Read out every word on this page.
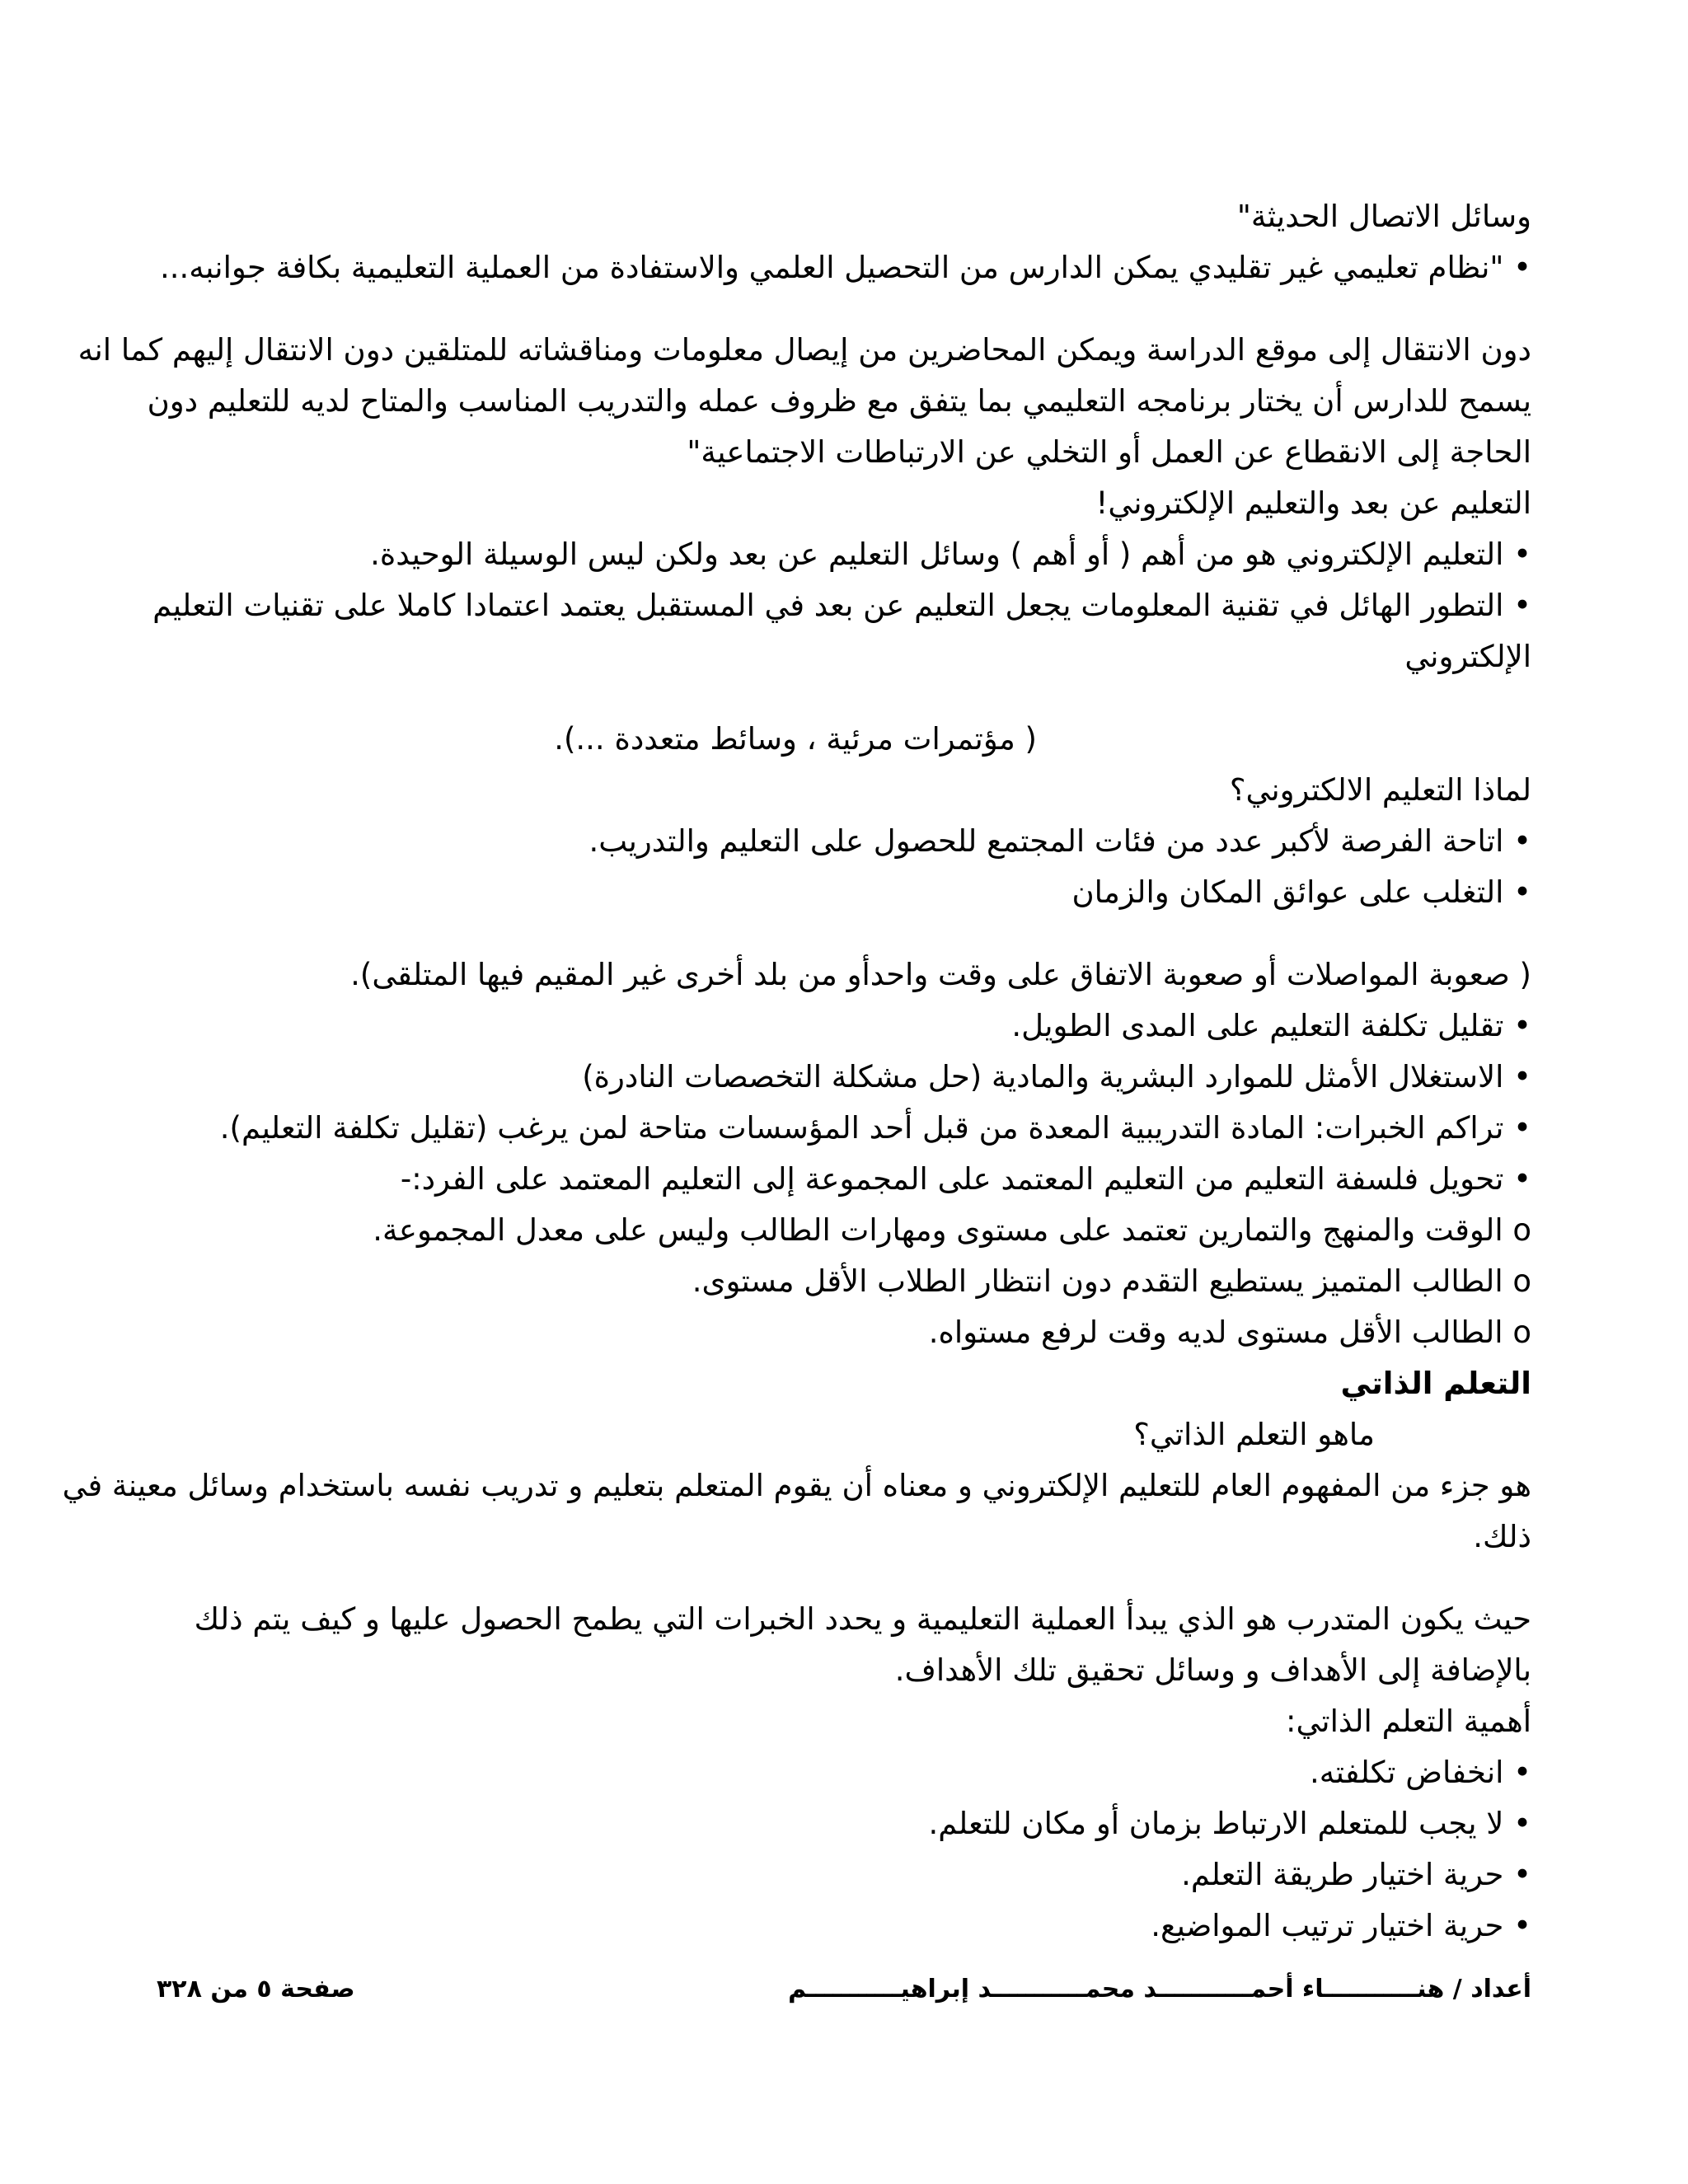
وسائل الاتصال الحديثة"
• "نظام تعليمي غير تقليدي يمكن الدارس من التحصيل العلمي والاستفادة من العملية التعليمية بكافة جوانبه...
دون الانتقال إلى موقع الدراسة ويمكن المحاضرين من إيصال معلومات ومناقشاته للمتلقين دون الانتقال إليهم كما انه
يسمح للدارس أن يختار برنامجه التعليمي بما يتفق مع ظروف عمله والتدريب المناسب والمتاح لديه للتعليم دون
الحاجة إلى الانقطاع عن العمل أو التخلي عن الارتباطات الاجتماعية"
التعليم عن بعد والتعليم الإلكتروني!
• التعليم الإلكتروني هو من أهم ( أو أهم ) وسائل التعليم عن بعد ولكن ليس الوسيلة الوحيدة.
• التطور الهائل في تقنية المعلومات يجعل التعليم عن بعد في المستقبل يعتمد اعتمادا كاملا على تقنيات التعليم
الإلكتروني
( مؤتمرات مرئية ، وسائط متعددة ...).
لماذا التعليم الالكتروني؟
• اتاحة الفرصة لأكبر عدد من فئات المجتمع للحصول على التعليم والتدريب.
• التغلب على عوائق المكان والزمان
( صعوبة المواصلات أو صعوبة الاتفاق على وقت واحدأو من بلد أخرى غير المقيم فيها المتلقى).
• تقليل تكلفة التعليم على المدى الطويل.
• الاستغلال الأمثل للموارد البشرية والمادية (حل مشكلة التخصصات النادرة)
• تراكم الخبرات: المادة التدريبية المعدة من قبل أحد المؤسسات متاحة لمن يرغب (تقليل تكلفة التعليم).
• تحويل فلسفة التعليم من التعليم المعتمد على المجموعة إلى التعليم المعتمد على الفرد:-
o الوقت والمنهج والتمارين تعتمد على مستوى ومهارات الطالب وليس على معدل المجموعة.
o الطالب المتميز يستطيع التقدم دون انتظار الطلاب الأقل مستوى.
o الطالب الأقل مستوى لديه وقت لرفع مستواه.
التعلم الذاتي
ماهو التعلم الذاتي؟
هو جزء من المفهوم العام للتعليم الإلكتروني و معناه أن يقوم المتعلم بتعليم و تدريب نفسه باستخدام وسائل معينة في
ذلك.
حيث يكون المتدرب هو الذي يبدأ العملية التعليمية و يحدد الخبرات التي يطمح الحصول عليها و كيف يتم ذلك
بالإضافة إلى الأهداف و وسائل تحقيق تلك الأهداف.
أهمية التعلم الذاتي:
• انخفاض تكلفته.
• لا يجب للمتعلم الارتباط بزمان أو مكان للتعلم.
• حرية اختيار طريقة التعلم.
• حرية اختيار ترتيب المواضيع.
أعداد / هنـــــــــــاء أحمـــــــــــد محمـــــــــــد إبراهيـــــــــــم
صفحة ٥ من ٣٢٨
